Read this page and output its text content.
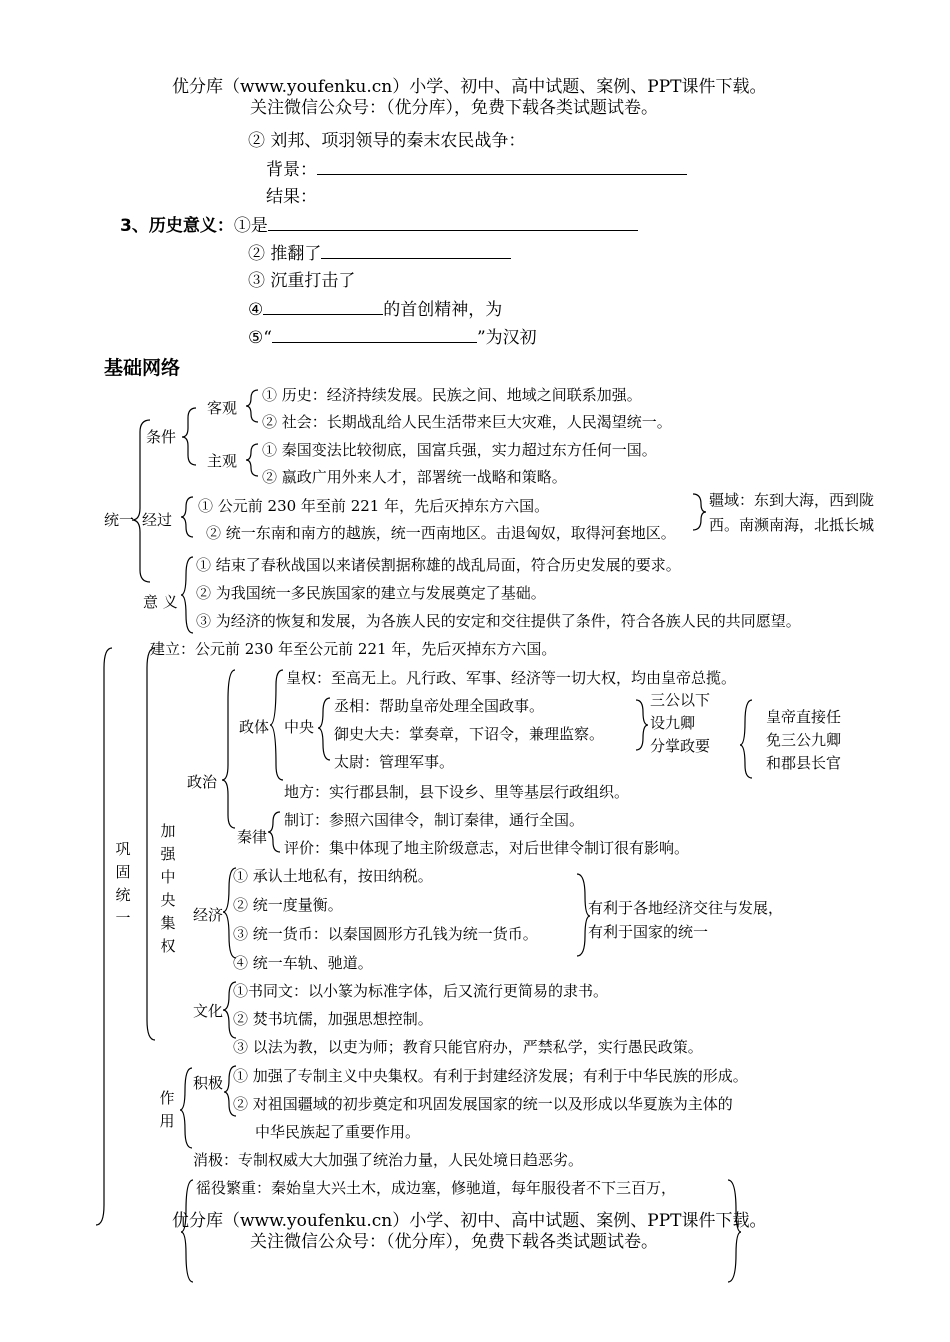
优分库（www.youfenku.cn）小学、初中、高中试题、案例、PPT课件下载。
关注微信公众号：（优分库），免费下载各类试题试卷。
② 刘邦、项羽领导的秦末农民战争：
背景：
结果：
3、历史意义：①是
② 推翻了
③ 沉重打击了
④	的首创精神，为
⑤“	”为汉初
基础网络
统一
条件
客观
① 历史：经济持续发展。民族之间、地域之间联系加强。
② 社会：长期战乱给人民生活带来巨大灾难，人民渴望统一。
主观
① 秦国变法比较彻底，国富兵强，实力超过东方任何一国。
② 嬴政广用外来人才，部署统一战略和策略。
经过
① 公元前 230 年至前 221 年，先后灭掉东方六国。
② 统一东南和南方的越族，统一西南地区。击退匈奴，取得河套地区。
疆域：东到大海，西到陇
西。南濒南海，北抵长城
意 义
① 结束了春秋战国以来诸侯割据称雄的战乱局面，符合历史发展的要求。
② 为我国统一多民族国家的建立与发展奠定了基础。
③ 为经济的恢复和发展，为各族人民的安定和交往提供了条件，符合各族人民的共同愿望。
巩固统一
建立：公元前 230 年至公元前 221 年，先后灭掉东方六国。
加强中央集权
政治
政体
皇权：至高无上。凡行政、军事、经济等一切大权，均由皇帝总揽。
中央
丞相：帮助皇帝处理全国政事。
御史大夫：掌奏章，下诏令，兼理监察。
太尉：管理军事。
三公以下
设九卿
分掌政要
皇帝直接任
免三公九卿
和郡县长官
地方：实行郡县制，县下设乡、里等基层行政组织。
秦律
制订：参照六国律令，制订秦律，通行全国。
评价：集中体现了地主阶级意志，对后世律令制订很有影响。
经济
① 承认土地私有，按田纳税。
② 统一度量衡。
③ 统一货币：以秦国圆形方孔钱为统一货币。
④ 统一车轨、驰道。
有利于各地经济交往与发展，
有利于国家的统一
文化
①书同文：以小篆为标准字体，后又流行更简易的隶书。
② 焚书坑儒，加强思想控制。
③ 以法为教，以吏为师；教育只能官府办，严禁私学，实行愚民政策。
作用
积极 ① 加强了专制主义中央集权。有利于封建经济发展；有利于中华民族的形成。
② 对祖国疆域的初步奠定和巩固发展国家的统一以及形成以华夏族为主体的
中华民族起了重要作用。
消极：专制权威大大加强了统治力量，人民处境日趋恶劣。
徭役繁重：秦始皇大兴土木，成边塞，修驰道，每年服役者不下三百万，
优分库（www.youfenku.cn）小学、初中、高中试题、案例、PPT课件下载。
关注微信公众号：（优分库），免费下载各类试题试卷。
